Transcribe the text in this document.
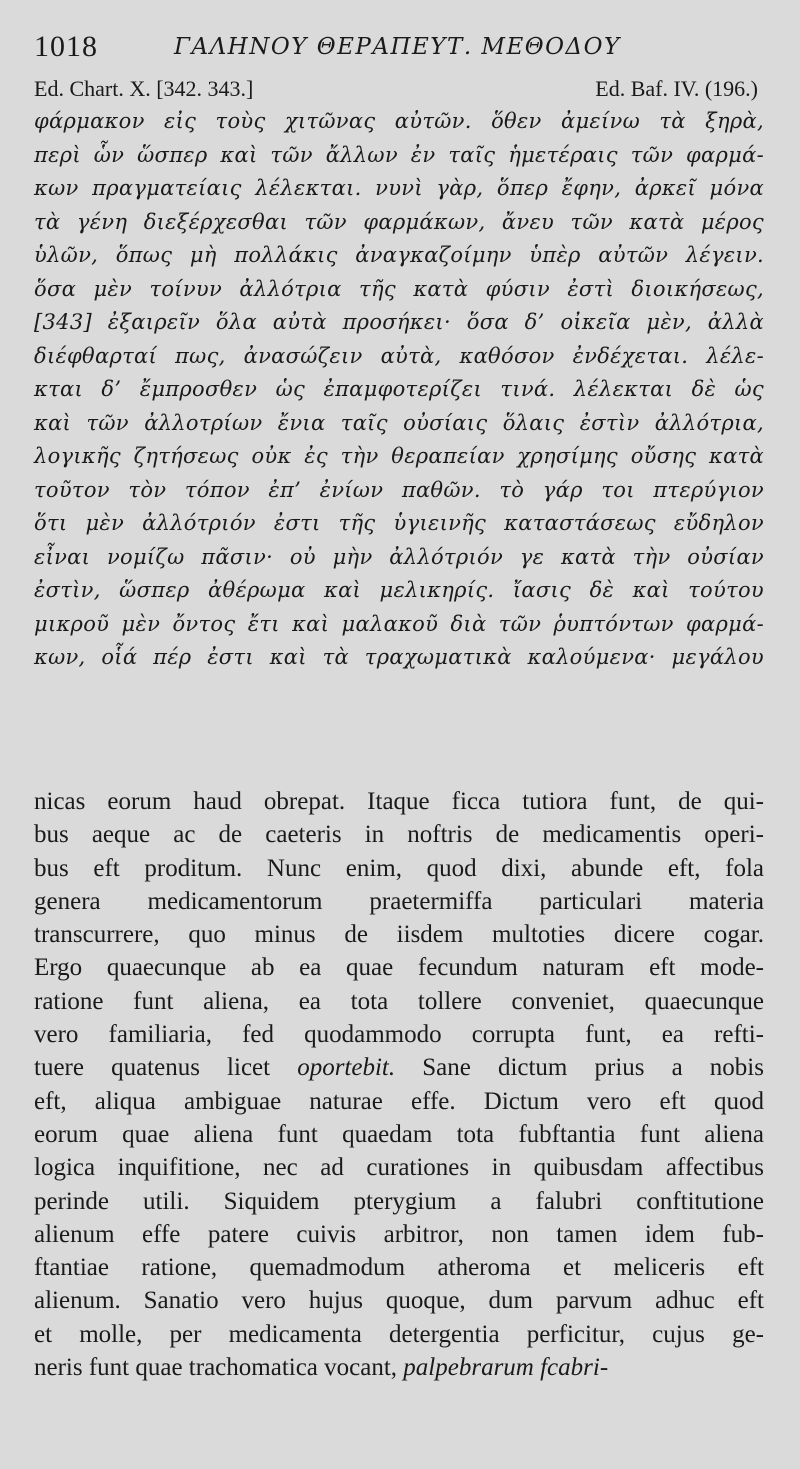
1018	ΓΑΛΗΝΟΥ ΘΕΡΑΠΕΥΤ. ΜΕΘΟΔΟΥ
Ed. Chart. X. [342. 343.]	Ed. Baf. IV. (196.)
φάρμακον εἰς τοὺς χιτῶνας αὐτῶν. ὅθεν ἀμείνω τὰ ξηρὰ,
περὶ ὧν ὥσπερ καὶ τῶν ἄλλων ἐν ταῖς ἡμετέραις τῶν φαρμά-
κων πραγματείαις λέλεκται. νυνὶ γὰρ, ὅπερ ἔφην, ἀρκεῖ μόνα
τὰ γένη διεξέρχεσθαι τῶν φαρμάκων, ἄνευ τῶν κατὰ μέρος
ὑλῶν, ὅπως μὴ πολλάκις ἀναγκαζοίμην ὑπὲρ αὐτῶν λέγειν.
ὅσα μὲν τοίνυν ἀλλότρια τῆς κατὰ φύσιν ἐστὶ διοικήσεως,
[343] ἐξαιρεῖν ὅλα αὐτὰ προσήκει· ὅσα δ’ οἰκεῖα μὲν, ἀλλὰ
διέφθαρταί πως, ἀνασώζειν αὐτὰ, καθόσον ἐνδέχεται. λέλε-
κται δ’ ἔμπροσθεν ὡς ἐπαμφοτερίζει τινά. λέλεκται δὲ ὡς
καὶ τῶν ἀλλοτρίων ἔνια ταῖς οὐσίαις ὅλαις ἐστὶν ἀλλότρια,
λογικῆς ζητήσεως οὐκ ἐς τὴν θεραπείαν χρησίμης οὔσης κατὰ
τοῦτον τὸν τόπον ἐπ’ ἐνίων παθῶν. τὸ γάρ τοι πτερύγιον
ὅτι μὲν ἀλλότριόν ἐστι τῆς ὑγιεινῆς καταστάσεως εὔδηλον
εἶναι νομίζω πᾶσιν· οὐ μὴν ἀλλότριόν γε κατὰ τὴν οὐσίαν
ἐστὶν, ὥσπερ ἀθέρωμα καὶ μελικηρίς. ἴασις δὲ καὶ τούτου
μικροῦ μὲν ὄντος ἔτι καὶ μαλακοῦ διὰ τῶν ῥυπτόντων φαρμά-
κων, οἷά πέρ ἐστι καὶ τὰ τραχωματικὰ καλούμενα· μεγάλου
nicas eorum haud obrepat. Itaque ficca tutiora funt, de qui-
bus aeque ac de caeteris in noftris de medicamentis operi-
bus eft proditum. Nunc enim, quod dixi, abunde eft, fola
genera medicamentorum praetermiffa particulari materia
transcurrere, quo minus de iisdem multoties dicere cogar.
Ergo quaecunque ab ea quae fecundum naturam eft mode-
ratione funt aliena, ea tota tollere conveniet, quaecunque
vero familiaria, fed quodammodo corrupta funt, ea refti-
tuere quatenus licet oportebit. Sane dictum prius a nobis
eft, aliqua ambiguae naturae effe. Dictum vero eft quod
eorum quae aliena funt quaedam tota fubftantia funt aliena
logica inquifitione, nec ad curationes in quibusdam affectibus
perinde utili. Siquidem pterygium a falubri conftitutione
alienum effe patere cuivis arbitror, non tamen idem fub-
ftantiae ratione, quemadmodum atheroma et meliceris eft
alienum. Sanatio vero hujus quoque, dum parvum adhuc eft
et molle, per medicamenta detergentia perficitur, cujus ge-
neris funt quae trachomatica vocant, palpebrarum fcabri-
